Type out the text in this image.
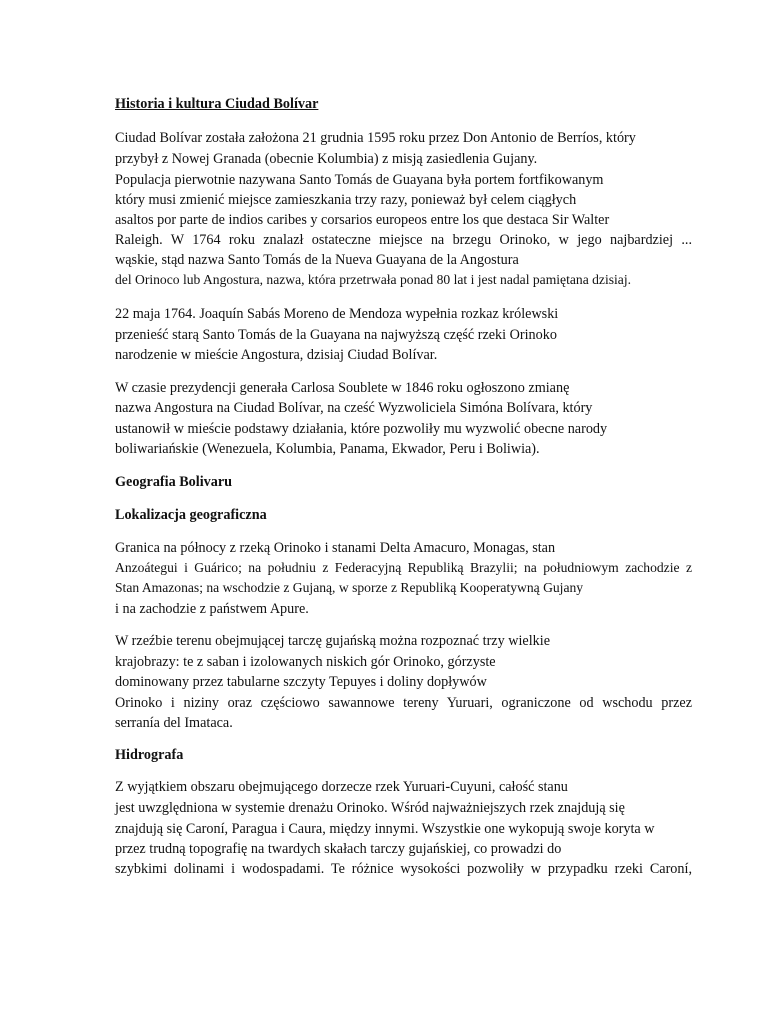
Historia i kultura Ciudad Bolívar
Ciudad Bolívar została założona 21 grudnia 1595 roku przez Don Antonio de Berríos, który
przybył z Nowej Granada (obecnie Kolumbia) z misją zasiedlenia Gujany.
Populacja pierwotnie nazywana Santo Tomás de Guayana była portem fortfikowanym
który musi zmienić miejsce zamieszkania trzy razy, ponieważ był celem ciągłych
asaltos por parte de indios caribes y corsarios europeos entre los que destaca Sir Walter
Raleigh. W 1764 roku znalazł ostateczne miejsce na brzegu Orinoko, w jego najbardziej ...
wąskie, stąd nazwa Santo Tomás de la Nueva Guayana de la Angostura
del Orinoco lub Angostura, nazwa, która przetrwała ponad 80 lat i jest nadal pamiętana dzisiaj.
22 maja 1764. Joaquín Sabás Moreno de Mendoza wypełnia rozkaz królewski
przenieść starą Santo Tomás de la Guayana na najwyższą część rzeki Orinoko
narodzenie w mieście Angostura, dzisiaj Ciudad Bolívar.
W czasie prezydencji generała Carlosa Soublete w 1846 roku ogłoszono zmianę
nazwa Angostura na Ciudad Bolívar, na cześć Wyzwoliciela Simóna Bolívara, który
ustanowił w mieście podstawy działania, które pozwoliły mu wyzwolić obecne narody
boliwariańskie (Wenezuela, Kolumbia, Panama, Ekwador, Peru i Boliwia).
Geografia Bolivaru
Lokalizacja geograficzna
Granica na północy z rzeką Orinoko i stanami Delta Amacuro, Monagas, stan
Anzoátegui i Guárico; na południu z Federacyjną Republiką Brazylii; na południowym zachodzie z
Stan Amazonas; na wschodzie z Gujaną, w sporze z Republiką Kooperatywną Gujany
i na zachodzie z państwem Apure.
W rzeźbie terenu obejmującej tarczę gujańską można rozpoznać trzy wielkie
krajobrazy: te z saban i izolowanych niskich gór Orinoko, górzyste
dominowany przez tabularne szczyty Tepuyes i doliny dopływów
Orinoko i niziny oraz częściowo sawannowe tereny Yuruari, ograniczone od wschodu przez
serranía del Imataca.
Hidrografa
Z wyjątkiem obszaru obejmującego dorzecze rzek Yuruari-Cuyuni, całość stanu
jest uwzględniona w systemie drenażu Orinoko. Wśród najważniejszych rzek znajdują się
znajdują się Caroní, Paragua i Caura, między innymi. Wszystkie one wykopują swoje koryta w
przez trudną topografię na twardych skałach tarczy gujańskiej, co prowadzi do
szybkimi dolinami i wodospadami. Te różnice wysokości pozwoliły w przypadku rzeki Caroní,
